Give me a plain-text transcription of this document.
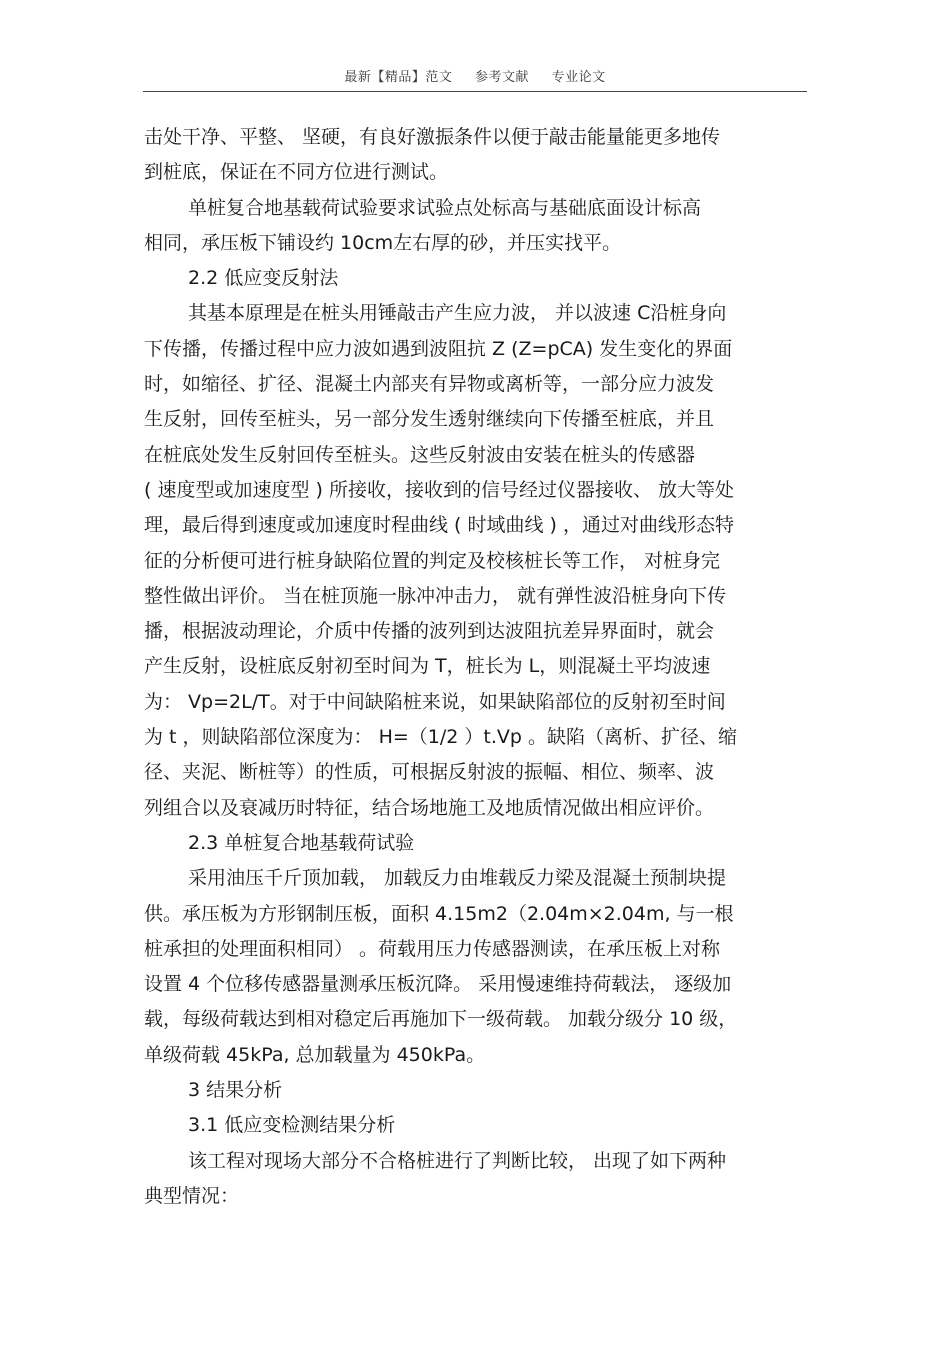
最新【精品】范文 参考文献 专业论文
击处干净、平整、 坚硬，有良好激振条件以便于敲击能量能更多地传
到桩底，保证在不同方位进行测试。
单桩复合地基载荷试验要求试验点处标高与基础底面设计标高
相同，承压板下铺设约 10cm左右厚的砂，并压实找平。
2.2 低应变反射法
其基本原理是在桩头用锤敲击产生应力波， 并以波速 C沿桩身向
下传播，传播过程中应力波如遇到波阻抗 Z (Z=pCA) 发生变化的界面
时，如缩径、扩径、混凝土内部夹有异物或离析等，一部分应力波发
生反射，回传至桩头，另一部分发生透射继续向下传播至桩底，并且
在桩底处发生反射回传至桩头。这些反射波由安装在桩头的传感器
( 速度型或加速度型 ) 所接收，接收到的信号经过仪器接收、 放大等处
理，最后得到速度或加速度时程曲线 ( 时域曲线 ) ，通过对曲线形态特
征的分析便可进行桩身缺陷位置的判定及校核桩长等工作， 对桩身完
整性做出评价。 当在桩顶施一脉冲冲击力， 就有弹性波沿桩身向下传
播，根据波动理论，介质中传播的波列到达波阻抗差异界面时，就会
产生反射，设桩底反射初至时间为 T，桩长为 L，则混凝土平均波速
为： Vp=2L/T。对于中间缺陷桩来说，如果缺陷部位的反射初至时间
为 t ，则缺陷部位深度为： H=（1/2 ）t.Vp 。缺陷（离析、扩径、缩
径、夹泥、断桩等）的性质，可根据反射波的振幅、相位、频率、波
列组合以及衰减历时特征，结合场地施工及地质情况做出相应评价。
2.3 单桩复合地基载荷试验
采用油压千斤顶加载， 加载反力由堆载反力梁及混凝土预制块提
供。承压板为方形钢制压板，面积 4.15m2（2.04m×2.04m, 与一根
桩承担的处理面积相同） 。荷载用压力传感器测读，在承压板上对称
设置 4 个位移传感器量测承压板沉降。 采用慢速维持荷载法， 逐级加
载，每级荷载达到相对稳定后再施加下一级荷载。 加载分级分 10 级，
单级荷载 45kPa, 总加载量为 450kPa。
3 结果分析
3.1 低应变检测结果分析
该工程对现场大部分不合格桩进行了判断比较， 出现了如下两种
典型情况：
